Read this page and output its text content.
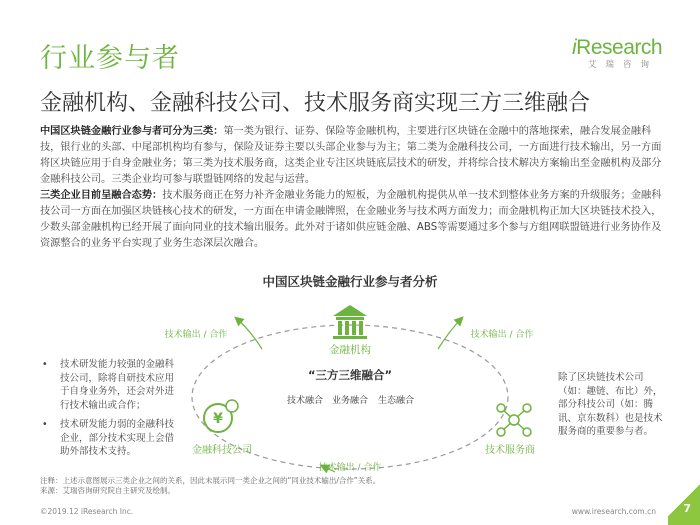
行业参与者
金融机构、金融科技公司、技术服务商实现三方三维融合
iResearch
艾瑞咨询

中国区块链金融行业参与者可分为三类：第一类为银行、证券、保险等金融机构，主要进行区块链在金融中的落地探索，融合发展金融科技，银行业的头部、中尾部机构均有参与，保险及证券主要以头部企业参与为主；第二类为金融科技公司，一方面进行技术输出，另一方面将区块链应用于自身金融业务；第三类为技术服务商，这类企业专注区块链底层技术的研发，并将综合技术解决方案输出至金融机构及部分金融科技公司。三类企业均可参与联盟链网络的发起与运营。

三类企业目前呈融合态势：技术服务商正在努力补齐金融业务能力的短板，为金融机构提供从单一技术到整体业务方案的升级服务；金融科技公司一方面在加强区块链核心技术的研发，一方面在申请金融牌照，在金融业务与技术两方面发力；而金融机构正加大区块链技术投入，少数头部金融机构已经开展了面向同业的技术输出服务。此外对于诸如供应链金融、ABS等需要通过多个参与方组网联盟链进行业务协作及资源整合的业务平台实现了业务生态深层次融合。

中国区块链金融行业参与者分析
金融机构
¥
金融科技公司	技术服务商
“三方三维融合”
技术融合 业务融合 生态融合
技术输出 / 合作	技术输出 / 合作
技术输出 / 合作
• 技术研发能力较强的金融科技公司，除将自研技术应用于自身业务外，还会对外进行技术输出或合作；
• 技术研发能力弱的金融科技企业，部分技术实现上会借助外部技术支持。
除了区块链技术公司（如：趣链、布比）外，部分科技公司（如：腾讯、京东数科）也是技术服务商的重要参与者。
注释：上述示意图展示三类企业之间的关系，因此未展示同一类企业之间的“同业技术输出/合作”关系。
来源：艾瑞咨询研究院自主研究及绘制。
©2019.12 iResearch Inc.	www.iresearch.com.cn 7
